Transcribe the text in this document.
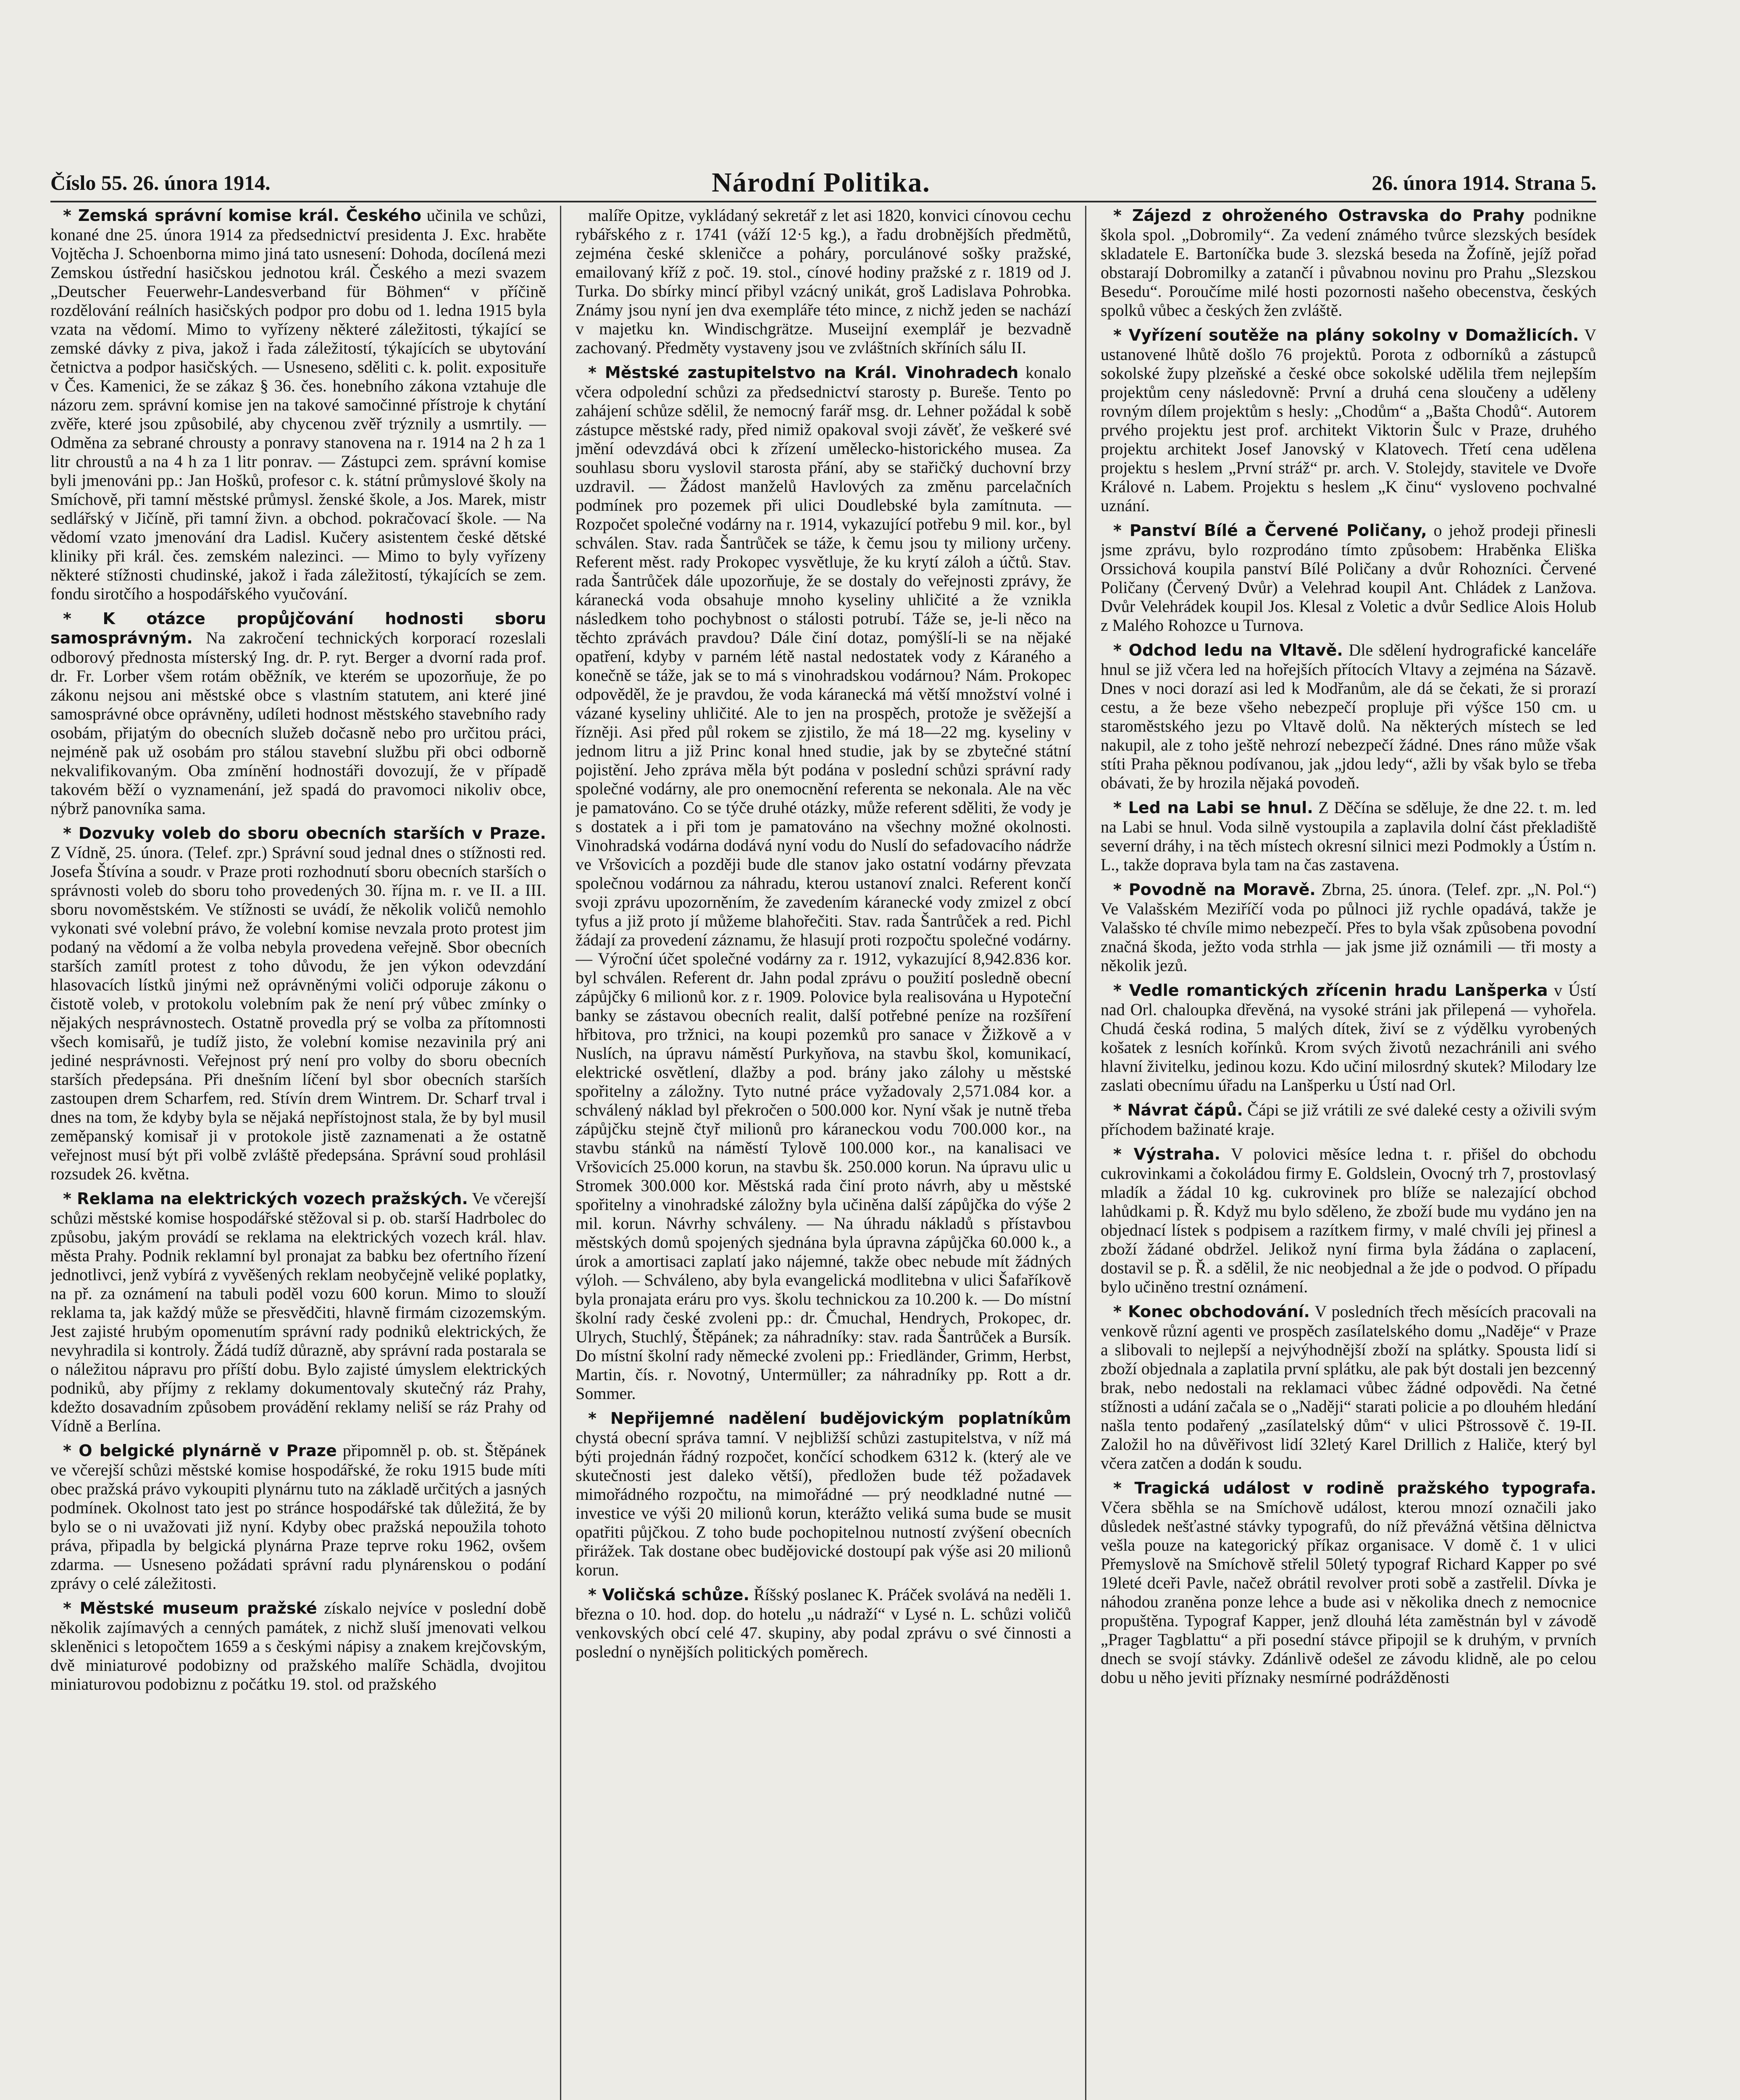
Číslo 55. 26. února 1914.	Národní Politika.	26. února 1914. Strana 5.

* Zemská správní komise král. Českého učinila ve schůzi, konané dne 25. února 1914 za předsednictví presidenta J. Exc. hraběte Vojtěcha J. Schoenborna mimo jiná tato usnesení: Dohoda, docílená mezi Zemskou ústřední hasičskou jednotou král. Českého a mezi svazem „Deutscher Feuerwehr-Landesverband für Böhmen“ v příčině rozdělování reálních hasičských podpor pro dobu od 1. ledna 1915 byla vzata na vědomí. Mimo to vyřízeny některé záležitosti, týkající se zemské dávky z piva, jakož i řada záležitostí, týkajících se ubytování četnictva a podpor hasičských. — Usneseno, sděliti c. k. polit. exposituře v Čes. Kamenici, že se zákaz § 36. čes. honebního zákona vztahuje dle názoru zem. správní komise jen na takové samočinné přístroje k chytání zvěře, které jsou způsobilé, aby chycenou zvěř trýznily a usmrtily. — Odměna za sebrané chrousty a ponravy stanovena na r. 1914 na 2 h za 1 litr chroustů a na 4 h za 1 litr ponrav. — Zástupci zem. správní komise byli jmenováni pp.: Jan Hošků, profesor c. k. státní průmyslové školy na Smíchově, při tamní městské průmysl. ženské škole, a Jos. Marek, mistr sedlářský v Jičíně, při tamní živn. a obchod. pokračovací škole. — Na vědomí vzato jmenování dra Ladisl. Kučery asistentem české dětské kliniky při král. čes. zemském nalezinci. — Mimo to byly vyřízeny některé stížnosti chudinské, jakož i řada záležitostí, týkajících se zem. fondu sirotčího a hospodářského vyučování.

* K otázce propůjčování hodnosti sboru samosprávným. Na zakročení technických korporací rozeslali odborový přednosta místerský Ing. dr. P. ryt. Berger a dvorní rada prof. dr. Fr. Lorber všem rotám oběžník, ve kterém se upozorňuje, že po zákonu nejsou ani městské obce s vlastním statutem, ani které jiné samosprávné obce oprávněny, udíleti hodnost městského stavebního rady osobám, přijatým do obecních služeb dočasně nebo pro určitou práci, nejméně pak už osobám pro stálou stavební službu při obci odborně nekvalifikovaným. Oba zmínění hodnostáři dovozují, že v případě takovém běží o vyznamenání, jež spadá do pravomoci nikoliv obce, nýbrž panovníka sama.

* Dozvuky voleb do sboru obecních starších v Praze. Z Vídně, 25. února. (Telef. zpr.) Správní soud jednal dnes o stížnosti red. Josefa Štívína a soudr. v Praze proti rozhodnutí sboru obecních starších o správnosti voleb do sboru toho provedených 30. října m. r. ve II. a III. sboru novoměstském. Ve stížnosti se uvádí, že několik voličů nemohlo vykonati své volební právo, že volební komise nevzala proto protest jim podaný na vědomí a že volba nebyla provedena veřejně. Sbor obecních starších zamítl protest z toho důvodu, že jen výkon odevzdání hlasovacích lístků jinými než oprávněnými voliči odporuje zákonu o čistotě voleb, v protokolu volebním pak že není prý vůbec zmínky o nějakých nesprávnostech. Ostatně provedla prý se volba za přítomnosti všech komisařů, je tudíž jisto, že volební komise nezavinila prý ani jediné nesprávnosti. Veřejnost prý není pro volby do sboru obecních starších předepsána. Při dnešním líčení byl sbor obecních starších zastoupen drem Scharfem, red. Stívín drem Wintrem. Dr. Scharf trval i dnes na tom, že kdyby byla se nějaká nepřístojnost stala, že by byl musil zeměpanský komisař ji v protokole jistě zaznamenati a že ostatně veřejnost musí být při volbě zvláště předepsána. Správní soud prohlásil rozsudek 26. května.

* Reklama na elektrických vozech pražských. Ve včerejší schůzi městské komise hospodářské stěžoval si p. ob. starší Hadrbolec do způsobu, jakým provádí se reklama na elektrických vozech král. hlav. města Prahy. Podnik reklamní byl pronajat za babku bez ofertního řízení jednotlivci, jenž vybírá z vyvěšených reklam neobyčejně veliké poplatky, na př. za oznámení na tabuli poděl vozu 600 korun. Mimo to slouží reklama ta, jak každý může se přesvědčiti, hlavně firmám cizozemským. Jest zajisté hrubým opomenutím správní rady podniků elektrických, že nevyhradila si kontroly. Žádá tudíž důrazně, aby správní rada postarala se o náležitou nápravu pro příští dobu. Bylo zajisté úmyslem elektrických podniků, aby příjmy z reklamy dokumentovaly skutečný ráz Prahy, kdežto dosavadním způsobem provádění reklamy neliší se ráz Prahy od Vídně a Berlína.

* O belgické plynárně v Praze připomněl p. ob. st. Štěpánek ve včerejší schůzi městské komise hospodářské, že roku 1915 bude míti obec pražská právo vykoupiti plynárnu tuto na základě určitých a jasných podmínek. Okolnost tato jest po stránce hospodářské tak důležitá, že by bylo se o ni uvažovati již nyní. Kdyby obec pražská nepoužila tohoto práva, připadla by belgická plynárna Praze teprve roku 1962, ovšem zdarma. — Usneseno požádati správní radu plynárenskou o podání zprávy o celé záležitosti.

* Městské museum pražské získalo nejvíce v poslední době několik zajímavých a cenných památek, z nichž sluší jmenovati velkou skleněnici s letopočtem 1659 a s českými nápisy a znakem krejčovským, dvě miniaturové podobizny od pražského malíře Schädla, dvojitou miniaturovou podobiznu z počátku 19. stol. od pražského

malíře Opitze, vykládaný sekretář z let asi 1820, konvici cínovou cechu rybářského z r. 1741 (váží 12·5 kg.), a řadu drobnějších předmětů, zejména české skleničce a poháry, porculánové sošky pražské, emailovaný kříž z poč. 19. stol., cínové hodiny pražské z r. 1819 od J. Turka. Do sbírky mincí přibyl vzácný unikát, groš Ladislava Pohrobka. Známy jsou nyní jen dva exempláře této mince, z nichž jeden se nachází v majetku kn. Windischgrätze. Museijní exemplář je bezvadně zachovaný. Předměty vystaveny jsou ve zvláštních skříních sálu II.

* Městské zastupitelstvo na Král. Vinohradech konalo včera odpolední schůzi za předsednictví starosty p. Bureše. Tento po zahájení schůze sdělil, že nemocný farář msg. dr. Lehner požádal k sobě zástupce městské rady, před nimiž opakoval svoji závěť, že veškeré své jmění odevzdává obci k zřízení umělecko-historického musea. Za souhlasu sboru vyslovil starosta přání, aby se stařičký duchovní brzy uzdravil. — Žádost manželů Havlových za změnu parcelačních podmínek pro pozemek při ulici Doudlebské byla zamítnuta. — Rozpočet společné vodárny na r. 1914, vykazující potřebu 9 mil. kor., byl schválen. Stav. rada Šantrůček se táže, k čemu jsou ty miliony určeny. Referent měst. rady Prokopec vysvětluje, že ku krytí záloh a účtů. Stav. rada Šantrůček dále upozorňuje, že se dostaly do veřejnosti zprávy, že káranecká voda obsahuje mnoho kyseliny uhličité a že vznikla následkem toho pochybnost o stálosti potrubí. Táže se, je-li něco na těchto zprávách pravdou? Dále činí dotaz, pomýšlí-li se na nějaké opatření, kdyby v parném létě nastal nedostatek vody z Káraného a konečně se táže, jak se to má s vinohradskou vodárnou? Nám. Prokopec odpověděl, že je pravdou, že voda káranecká má větší množství volné i vázané kyseliny uhličité. Ale to jen na prospěch, protože je svěžejší a řízněji. Asi před půl rokem se zjistilo, že má 18—22 mg. kyseliny v jednom litru a již Princ konal hned studie, jak by se zbytečné státní pojistění. Jeho zpráva měla být podána v poslední schůzi správní rady společné vodárny, ale pro onemocnění referenta se nekonala. Ale na věc je pamatováno. Co se týče druhé otázky, může referent sděliti, že vody je s dostatek a i při tom je pamatováno na všechny možné okolnosti. Vinohradská vodárna dodává nyní vodu do Nuslí do sefadovacího nádrže ve Vršovicích a později bude dle stanov jako ostatní vodárny převzata společnou vodárnou za náhradu, kterou ustanoví znalci. Referent končí svoji zprávu upozorněním, že zavedením káranecké vody zmizel z obcí tyfus a již proto jí můžeme blahořečiti. Stav. rada Šantrůček a red. Pichl žádají za provedení záznamu, že hlasují proti rozpočtu společné vodárny. — Výroční účet společné vodárny za r. 1912, vykazující 8,942.836 kor. byl schválen. Referent dr. Jahn podal zprávu o použití posledně obecní zápůjčky 6 milionů kor. z r. 1909. Polovice byla realisována u Hypoteční banky se zástavou obecních realit, další potřebné peníze na rozšíření hřbitova, pro tržnici, na koupi pozemků pro sanace v Žižkově a v Nuslích, na úpravu náměstí Purkyňova, na stavbu škol, komunikací, elektrické osvětlení, dlažby a pod. brány jako zálohy u městské spořitelny a záložny. Tyto nutné práce vyžadovaly 2,571.084 kor. a schválený náklad byl překročen o 500.000 kor. Nyní však je nutně třeba zápůjčku stejně čtyř milionů pro káraneckou vodu 700.000 kor., na stavbu stánků na náměstí Tylově 100.000 kor., na kanalisaci ve Vršovicích 25.000 korun, na stavbu šk. 250.000 korun. Na úpravu ulic u Stromek 300.000 kor. Městská rada činí proto návrh, aby u městské spořitelny a vinohradské záložny byla učiněna další zápůjčka do výše 2 mil. korun. Návrhy schváleny. — Na úhradu nákladů s přístavbou městských domů spojených sjednána byla úpravna zápůjčka 60.000 k., a úrok a amortisaci zaplatí jako nájemné, takže obec nebude mít žádných výloh. — Schváleno, aby byla evangelická modlitebna v ulici Šafaříkově byla pronajata eráru pro vys. školu technickou za 10.200 k. — Do místní školní rady české zvoleni pp.: dr. Čmuchal, Hendrych, Prokopec, dr. Ulrych, Stuchlý, Štěpánek; za náhradníky: stav. rada Šantrůček a Bursík. Do místní školní rady německé zvoleni pp.: Friedländer, Grimm, Herbst, Martin, čís. r. Novotný, Untermüller; za náhradníky pp. Rott a dr. Sommer.

* Nepřijemné nadělení budějovickým poplatníkům chystá obecní správa tamní. V nejbližší schůzi zastupitelstva, v níž má býti projednán řádný rozpočet, končící schodkem 6312 k. (který ale ve skutečnosti jest daleko větší), předložen bude též požadavek mimořádného rozpočtu, na mimořádné — prý neodkladné nutné — investice ve výši 20 milionů korun, kterážto veliká suma bude se musit opatřiti půjčkou. Z toho bude pochopitelnou nutností zvýšení obecních přirážek. Tak dostane obec budějovické dostoupí pak výše asi 20 milionů korun.

* Voličská schůze. Říšský poslanec K. Práček svolává na neděli 1. března o 10. hod. dop. do hotelu „u nádraží“ v Lysé n. L. schůzi voličů venkovských obcí celé 47. skupiny, aby podal zprávu o své činnosti a poslední o nynějších politických poměrech.

* Zájezd z ohroženého Ostravska do Prahy podnikne škola spol. „Dobromily“. Za vedení známého tvůrce slezských besídek skladatele E. Bartoníčka bude 3. slezská beseda na Žofíně, jejíž pořad obstarají Dobromilky a zatančí i půvabnou novinu pro Prahu „Slezskou Besedu“. Poroučíme milé hosti pozornosti našeho obecenstva, českých spolků vůbec a českých žen zvláště.

* Vyřízení soutěže na plány sokolny v Domažlicích. V ustanovené lhůtě došlo 76 projektů. Porota z odborníků a zástupců sokolské župy plzeňské a české obce sokolské udělila třem nejlepším projektům ceny následovně: První a druhá cena sloučeny a uděleny rovným dílem projektům s hesly: „Chodům“ a „Bašta Chodů“. Autorem prvého projektu jest prof. architekt Viktorin Šulc v Praze, druhého projektu architekt Josef Janovský v Klatovech. Třetí cena udělena projektu s heslem „První stráž“ pr. arch. V. Stolejdy, stavitele ve Dvoře Králové n. Labem. Projektu s heslem „K činu“ vysloveno pochvalné uznání.

* Panství Bílé a Červené Poličany, o jehož prodeji přinesli jsme zprávu, bylo rozprodáno tímto způsobem: Hraběnka Eliška Orssichová koupila panství Bílé Poličany a dvůr Rohozníci. Červené Poličany (Červený Dvůr) a Velehrad koupil Ant. Chládek z Lanžova. Dvůr Velehrádek koupil Jos. Klesal z Voletic a dvůr Sedlice Alois Holub z Malého Rohozce u Turnova.

* Odchod ledu na Vltavě. Dle sdělení hydrografické kanceláře hnul se již včera led na hořejších přítocích Vltavy a zejména na Sázavě. Dnes v noci dorazí asi led k Modřanům, ale dá se čekati, že si prorazí cestu, a že beze všeho nebezpečí propluje při výšce 150 cm. u staroměstského jezu po Vltavě dolů. Na některých místech se led nakupil, ale z toho ještě nehrozí nebezpečí žádné. Dnes ráno může však stíti Praha pěknou podívanou, jak „jdou ledy“, ažli by však bylo se třeba obávati, že by hrozila nějaká povodeň.

* Led na Labi se hnul. Z Děčína se sděluje, že dne 22. t. m. led na Labi se hnul. Voda silně vystoupila a zaplavila dolní část překladiště severní dráhy, i na těch místech okresní silnici mezi Podmokly a Ústím n. L., takže doprava byla tam na čas zastavena.

* Povodně na Moravě. Zbrna, 25. února. (Telef. zpr. „N. Pol.“) Ve Valašském Meziříčí voda po půlnoci již rychle opadává, takže je Valašsko té chvíle mimo nebezpečí. Přes to byla však způsobena povodní značná škoda, ježto voda strhla — jak jsme již oznámili — tři mosty a několik jezů.

* Vedle romantických zřícenin hradu Lanšperka v Ústí nad Orl. chaloupka dřevěná, na vysoké stráni jak přilepená — vyhořela. Chudá česká rodina, 5 malých dítek, živí se z výdělku vyrobených košatek z lesních kořínků. Krom svých životů nezachránili ani svého hlavní živitelku, jedinou kozu. Kdo učiní milosrdný skutek? Milodary lze zaslati obecnímu úřadu na Lanšperku u Ústí nad Orl.

* Návrat čápů. Čápi se již vrátili ze své daleké cesty a oživili svým příchodem bažinaté kraje.

* Výstraha. V polovici měsíce ledna t. r. přišel do obchodu cukrovinkami a čokoládou firmy E. Goldslein, Ovocný trh 7, prostovlasý mladík a žádal 10 kg. cukrovinek pro blíže se nalezající obchod lahůdkami p. Ř. Když mu bylo sděleno, že zboží bude mu vydáno jen na objednací lístek s podpisem a razítkem firmy, v malé chvíli jej přinesl a zboží žádané obdržel. Jelikož nyní firma byla žádána o zaplacení, dostavil se p. Ř. a sdělil, že nic neobjednal a že jde o podvod. O případu bylo učiněno trestní oznámení.

* Konec obchodování. V posledních třech měsících pracovali na venkově různí agenti ve prospěch zasílatelského domu „Naděje“ v Praze a slibovali to nejlepší a nejvýhodnější zboží na splátky. Spousta lidí si zboží objednala a zaplatila první splátku, ale pak být dostali jen bezcenný brak, nebo nedostali na reklamaci vůbec žádné odpovědi. Na četné stížnosti a udání začala se o „Naději“ starati policie a po dlouhém hledání našla tento podařený „zasílatelský dům“ v ulici Pštrossově č. 19-II. Založil ho na důvěřivost lidí 32letý Karel Drillich z Haliče, který byl včera zatčen a dodán k soudu.

* Tragická událost v rodině pražského typografa. Včera sběhla se na Smíchově událost, kterou mnozí označili jako důsledek nešťastné stávky typografů, do níž převážná většina dělnictva vešla pouze na kategorický příkaz organisace. V domě č. 1 v ulici Přemyslově na Smíchově střelil 50letý typograf Richard Kapper po své 19leté dceři Pavle, načež obrátil revolver proti sobě a zastřelil. Dívka je náhodou zraněna ponze lehce a bude asi v několika dnech z nemocnice propuštěna. Typograf Kapper, jenž dlouhá léta zaměstnán byl v závodě „Prager Tagblattu“ a při posední stávce připojil se k druhým, v prvních dnech se svojí stávky. Zdánlivě odešel ze závodu klidně, ale po celou dobu u něho jeviti příznaky nesmírné podrážděnosti
